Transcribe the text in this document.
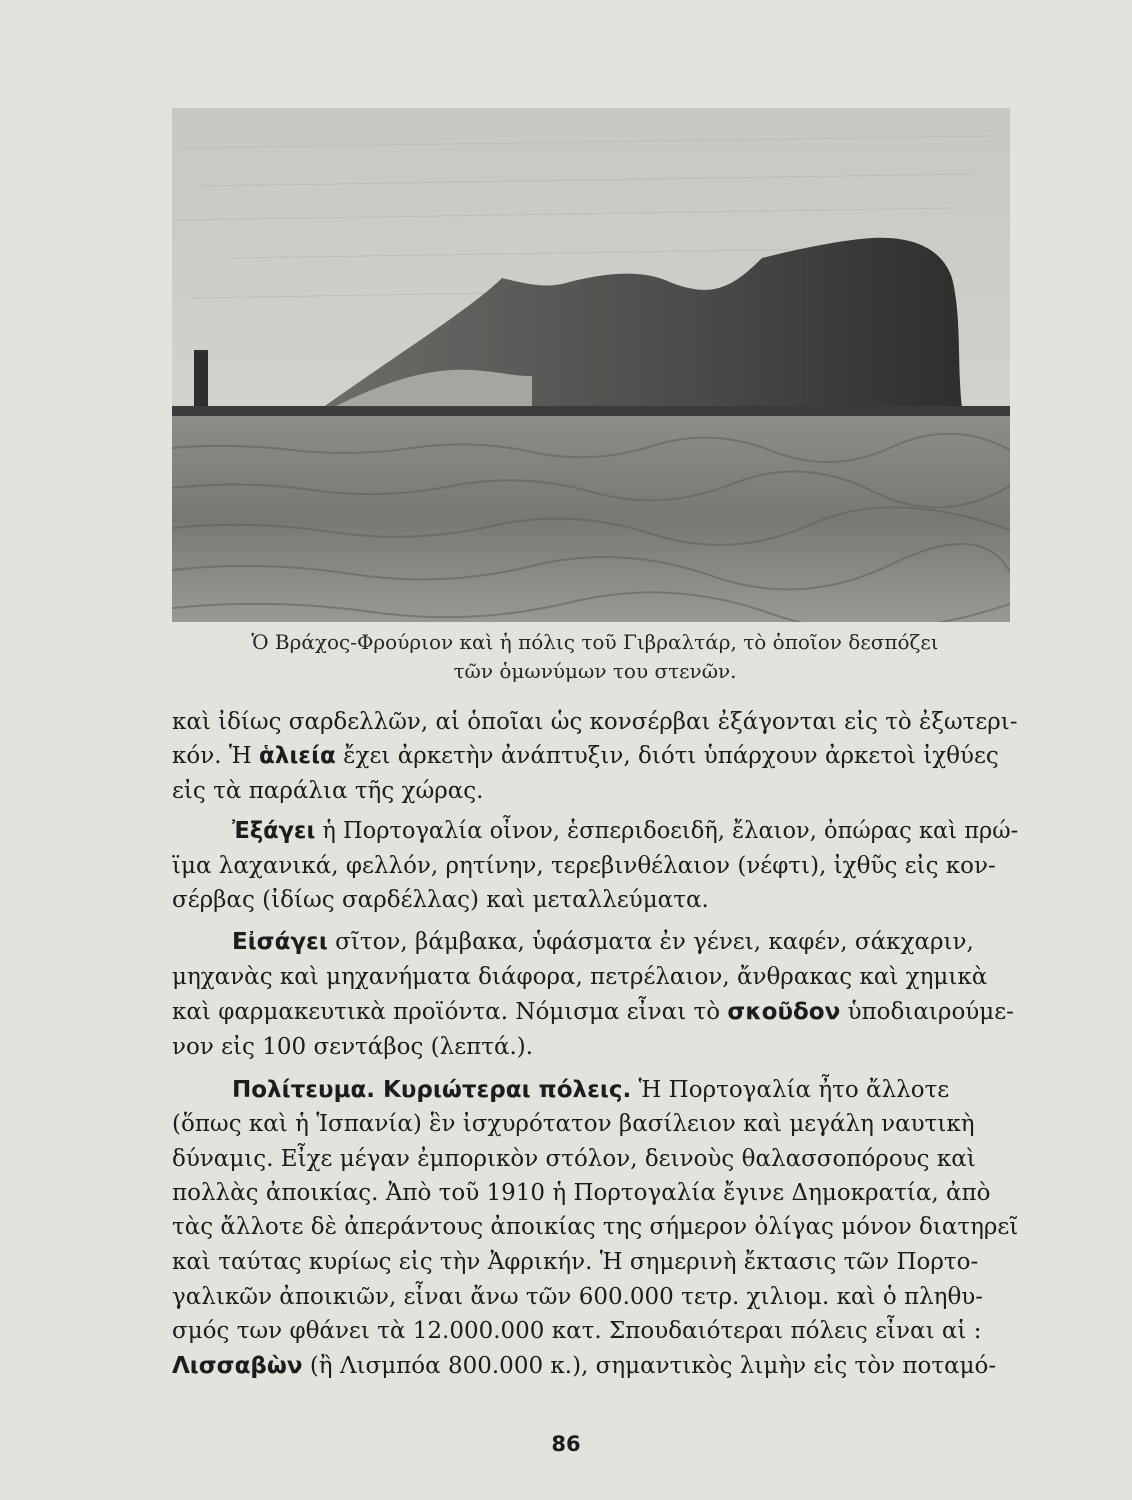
Ὁ Βράχος-Φρούριον καὶ ἡ πόλις τοῦ Γιβραλτάρ, τὸ ὁποῖον δεσπόζει
τῶν ὁμωνύμων του στενῶν.
καὶ ἰδίως σαρδελλῶν, αἱ ὁποῖαι ὡς κονσέρβαι ἐξάγονται εἰς τὸ ἐξωτερι-
κόν. Ἡ ἁλιεία ἔχει ἀρκετὴν ἀνάπτυξιν, διότι ὑπάρχουν ἀρκετοὶ ἰχθύες
εἰς τὰ παράλια τῆς χώρας.
Ἐξάγει ἡ Πορτογαλία οἶνον, ἑσπεριδοειδῆ, ἔλαιον, ὀπώρας καὶ πρώ-
ϊμα λαχανικά, φελλόν, ρητίνην, τερεβινθέλαιον (νέφτι), ἰχθῦς εἰς κον-
σέρβας (ἰδίως σαρδέλλας) καὶ μεταλλεύματα.
Εἰσάγει σῖτον, βάμβακα, ὑφάσματα ἐν γένει, καφέν, σάκχαριν,
μηχανὰς καὶ μηχανήματα διάφορα, πετρέλαιον, ἄνθρακας καὶ χημικὰ
καὶ φαρμακευτικὰ προϊόντα. Νόμισμα εἶναι τὸ σκοῦδον ὑποδιαιρούμε-
νον εἰς 100 σεντάβος (λεπτά.).
Πολίτευμα. Κυριώτεραι πόλεις. Ἡ Πορτογαλία ἦτο ἄλλοτε
(ὅπως καὶ ἡ Ἱσπανία) ἓν ἰσχυρότατον βασίλειον καὶ μεγάλη ναυτικὴ
δύναμις. Εἶχε μέγαν ἐμπορικὸν στόλον, δεινοὺς θαλασσοπόρους καὶ
πολλὰς ἀποικίας. Ἀπὸ τοῦ 1910 ἡ Πορτογαλία ἔγινε Δημοκρατία, ἀπὸ
τὰς ἄλλοτε δὲ ἀπεράντους ἀποικίας της σήμερον ὀλίγας μόνον διατηρεῖ
καὶ ταύτας κυρίως εἰς τὴν Ἀφρικήν. Ἡ σημερινὴ ἔκτασις τῶν Πορτο-
γαλικῶν ἀποικιῶν, εἶναι ἄνω τῶν 600.000 τετρ. χιλιομ. καὶ ὁ πληθυ-
σμός των φθάνει τὰ 12.000.000 κατ. Σπουδαιότεραι πόλεις εἶναι αἱ :
Λισσαβὼν (ἢ Λισμπόα 800.000 κ.), σημαντικὸς λιμὴν εἰς τὸν ποταμό-
86
